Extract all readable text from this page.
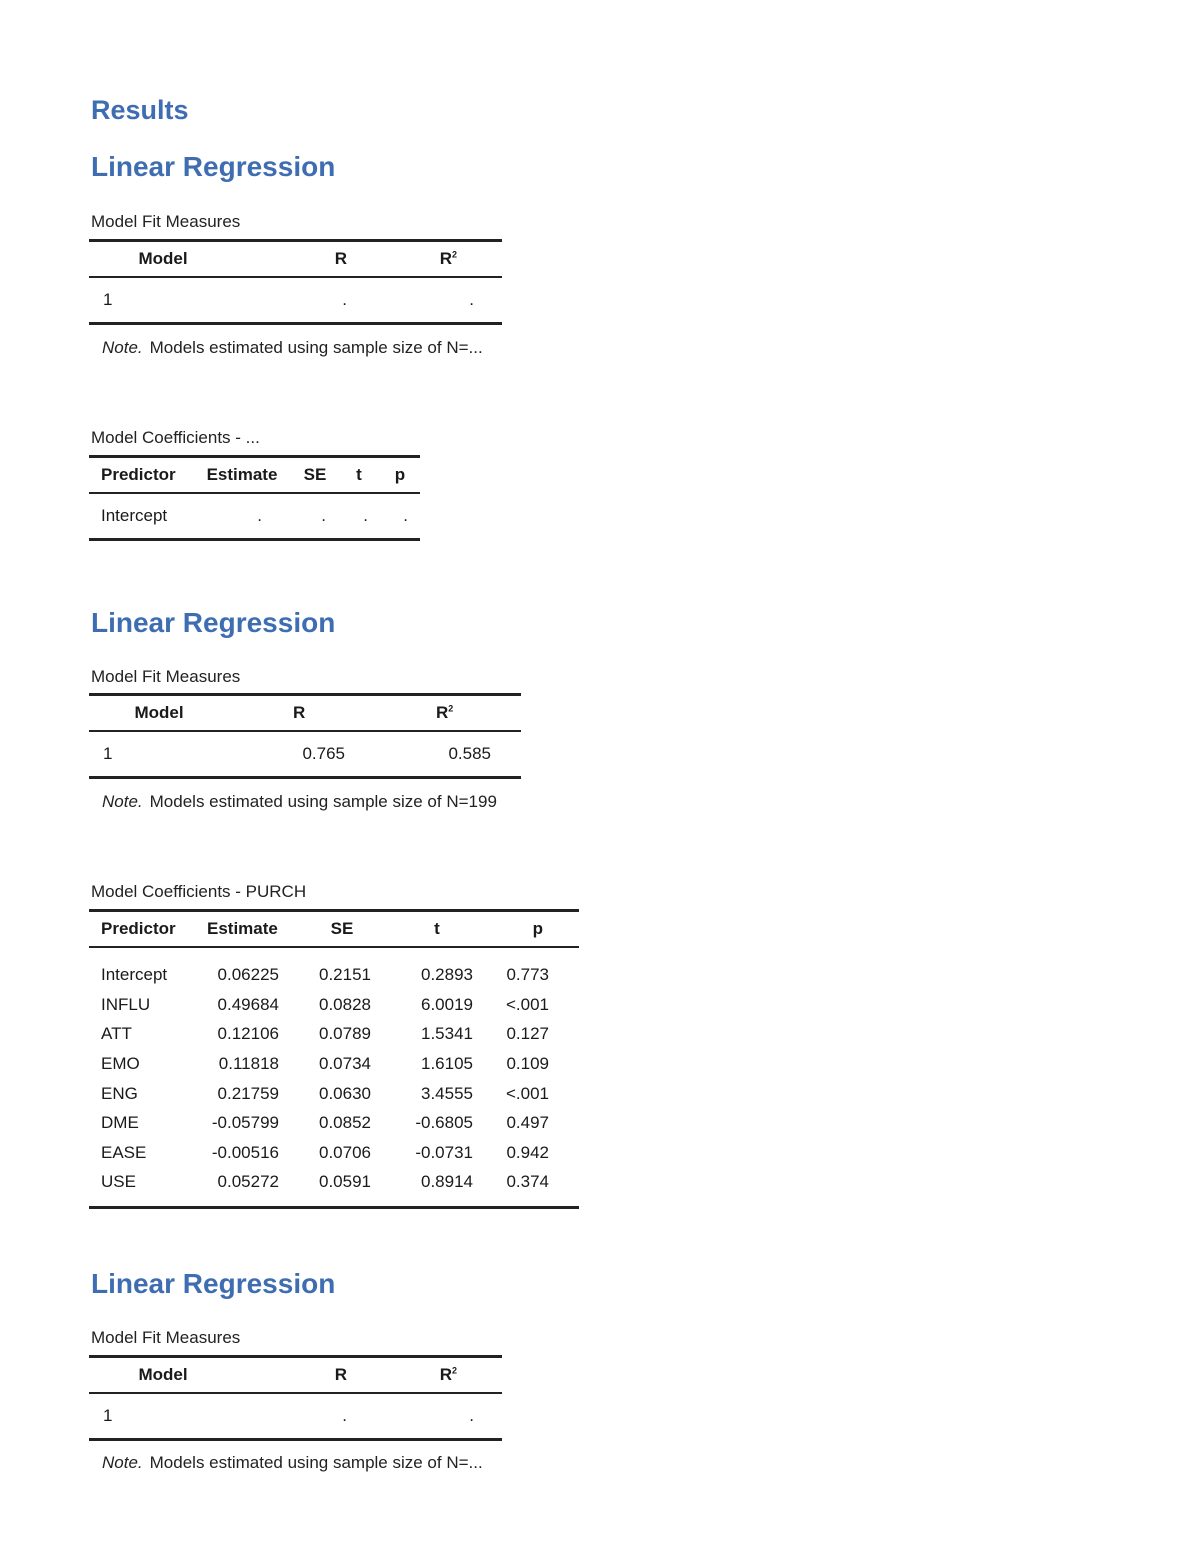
Results
Linear Regression
Model Fit Measures
Model	R	$R^2$
1	.	.
Note. Models estimated using sample size of N=...
Model Coefficients - ...
Predictor	Estimate	SE	t	p
Intercept	.	.	.	.
Linear Regression
Model Fit Measures
Model	R	$R^2$
1	0.765	0.585
Note. Models estimated using sample size of N=199
Model Coefficients - PURCH
Predictor	Estimate	SE	t	p

Intercept	0.06225	0.2151	0.2893	0.773
INFLU	0.49684	0.0828	6.0019	<.001
ATT	0.12106	0.0789	1.5341	0.127
EMO	0.11818	0.0734	1.6105	0.109
ENG	0.21759	0.0630	3.4555	<.001
DME	-0.05799	0.0852	-0.6805	0.497
EASE	-0.00516	0.0706	-0.0731	0.942
USE	0.05272	0.0591	0.8914	0.374

Linear Regression
Model Fit Measures
Model	R	$R^2$
1	.	.
Note. Models estimated using sample size of N=...
